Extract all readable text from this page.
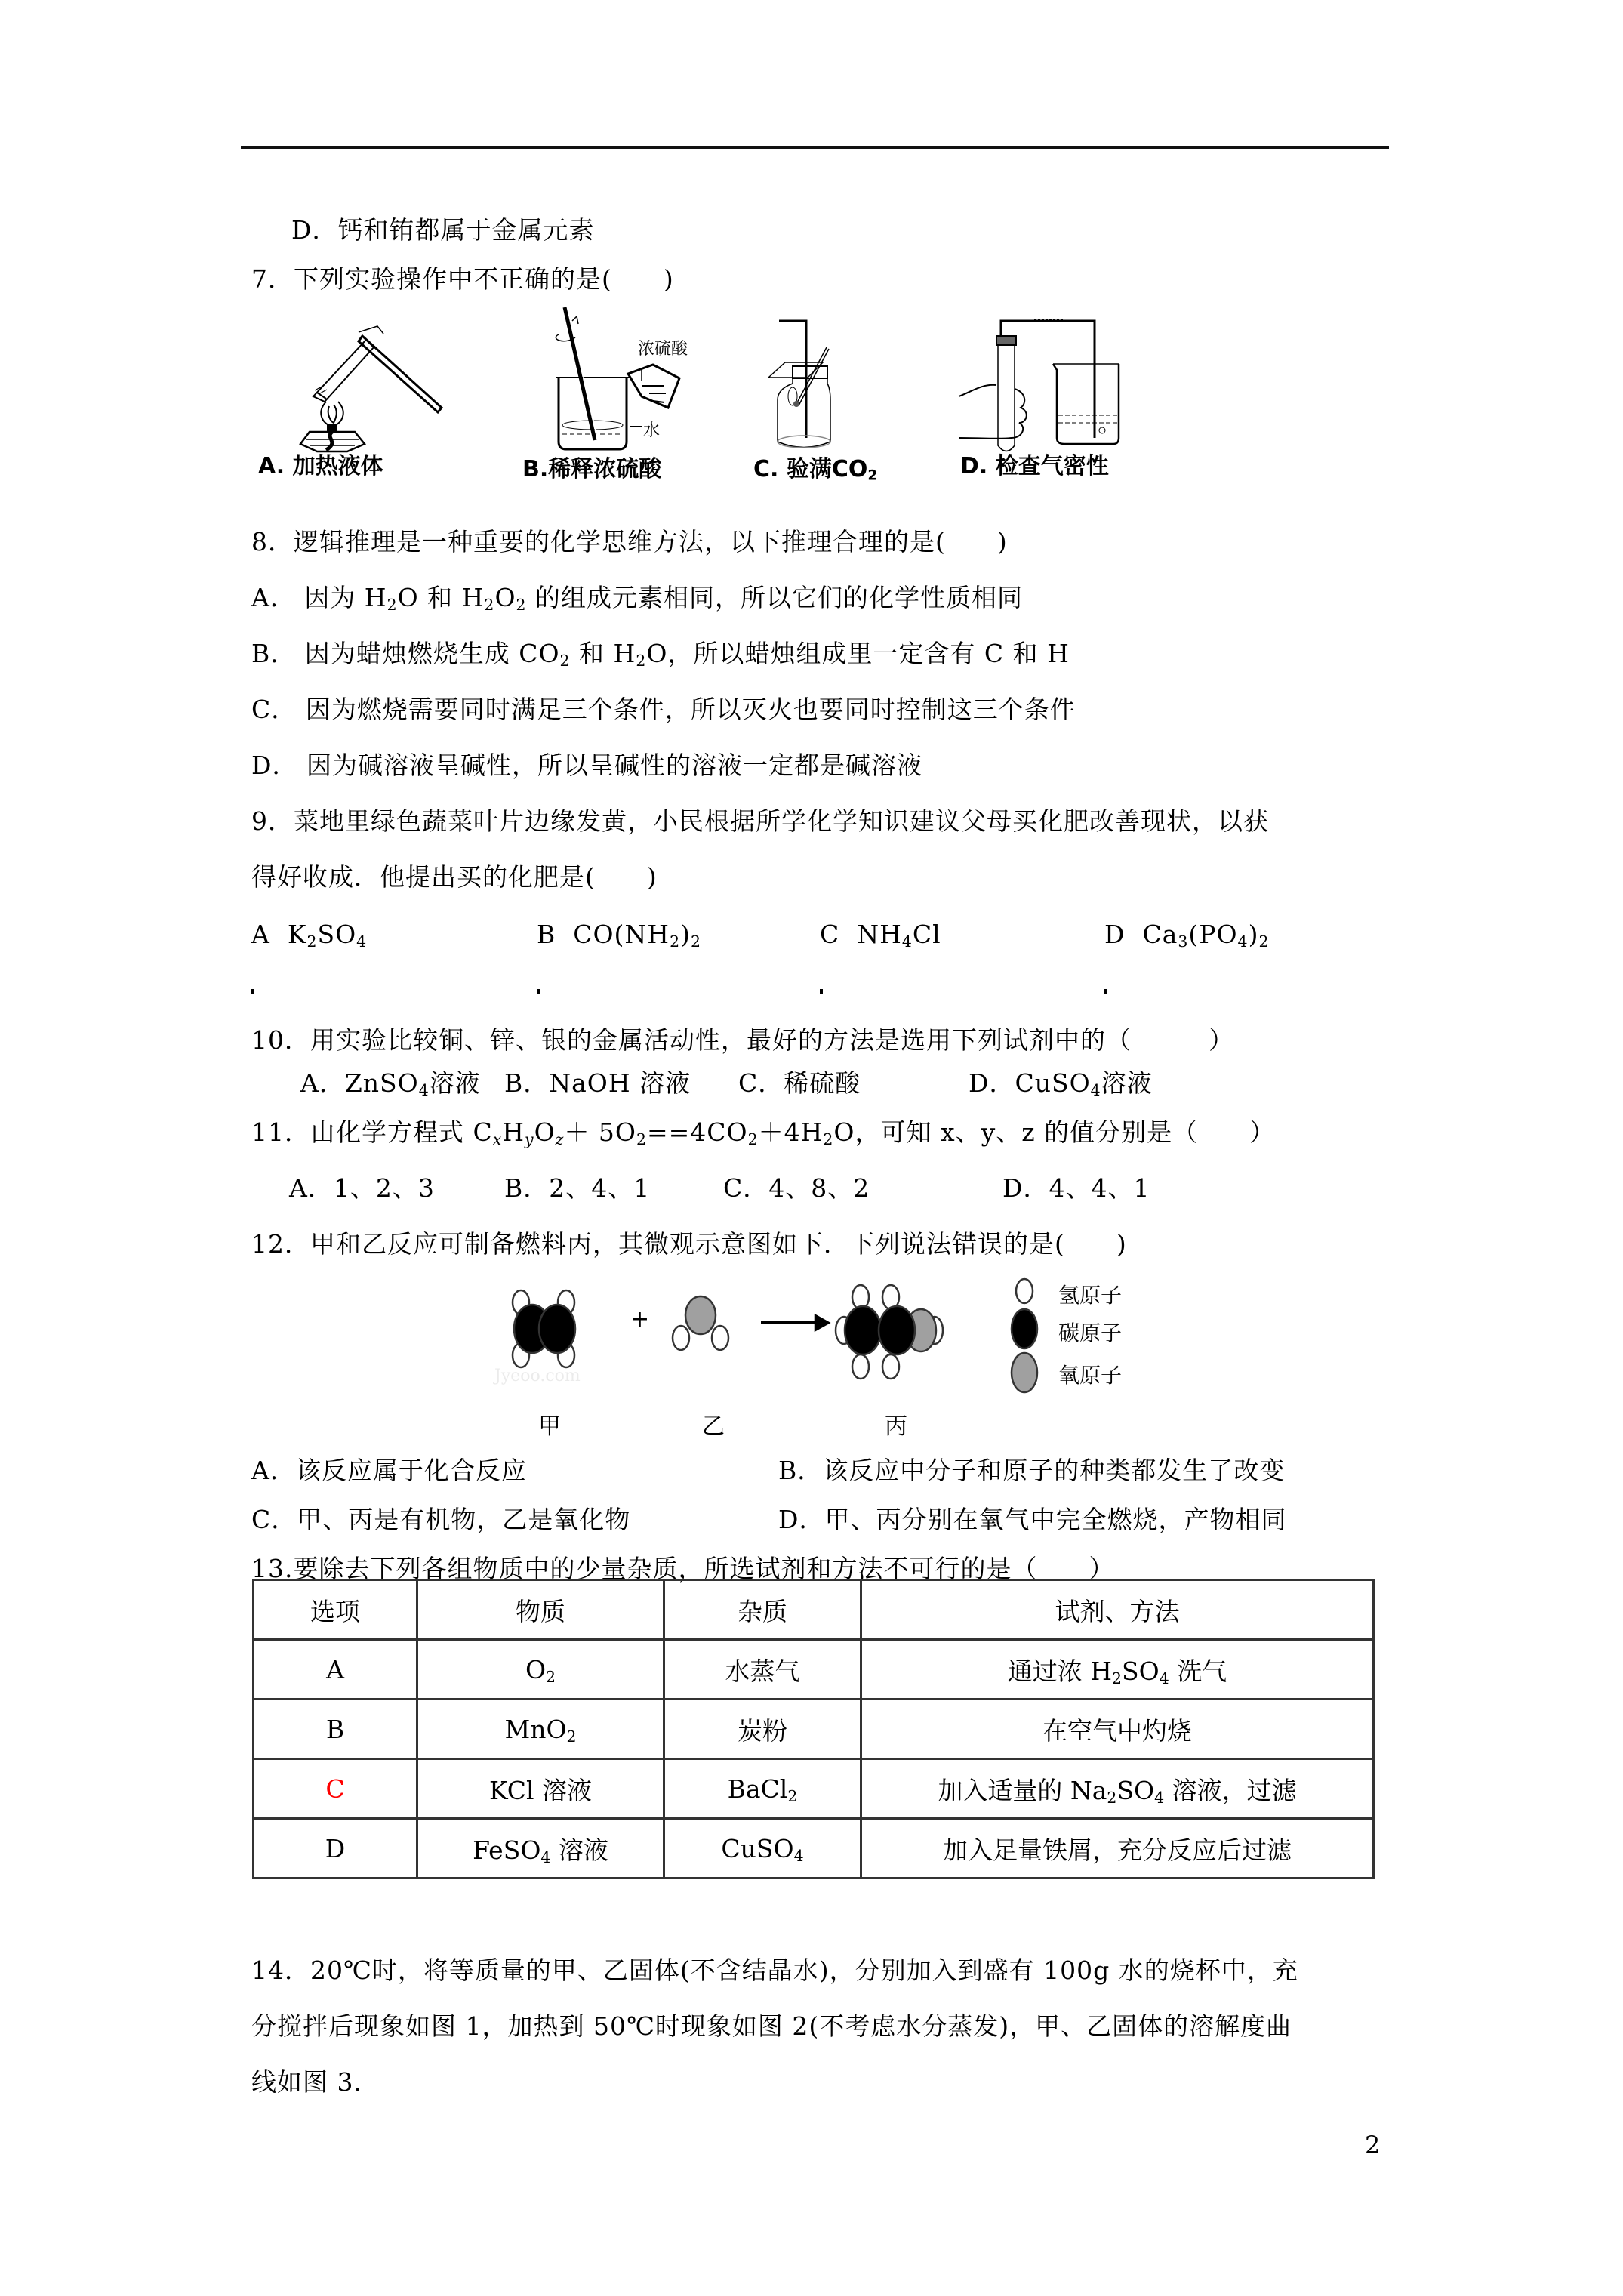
D．钙和铕都属于金属元素
7．下列实验操作中不正确的是(　　)
A. 加热液体
浓硫酸
水
B.稀释浓硫酸	C. 验满$CO_2$	D. 检查气密性
8．逻辑推理是一种重要的化学思维方法，以下推理合理的是(　　)
A． 因为 $H_2O$ 和 $H_2O_2$ 的组成元素相同，所以它们的化学性质相同
B． 因为蜡烛燃烧生成 $CO_2$ 和 $H_2O$，所以蜡烛组成里一定含有 C 和 H
C． 因为燃烧需要同时满足三个条件，所以灭火也要同时控制这三个条件
D． 因为碱溶液呈碱性，所以呈碱性的溶液一定都是碱溶液
9．菜地里绿色蔬菜叶片边缘发黄，小民根据所学化学知识建议父母买化肥改善现状，以获
得好收成．他提出买的化肥是(　　)
A $K_2SO_4$	B $CO(NH_2)_2$	C $NH_4Cl$	D $Ca_3(PO_4)_2$
10．用实验比较铜、锌、银的金属活动性，最好的方法是选用下列试剂中的（　　　）
A．ZnSO$_4$溶液 B．NaOH 溶液 C．稀硫酸	D．CuSO$_4$溶液
11．由化学方程式 $C_xH_yO_z+ 5O_2==4CO_2+4H_2O$，可知 x、y、z 的值分别是（　　）
A．1、2、3	B．2、4、1	C．4、8、2	D．4、4、1
12．甲和乙反应可制备燃料丙，其微观示意图如下．下列说法错误的是(　　)
+
Jyeoo.com
氢原子
碳原子
氧原子
甲	乙	丙
A．该反应属于化合反应	B．该反应中分子和原子的种类都发生了改变
C．甲、丙是有机物，乙是氧化物	D．甲、丙分别在氧气中完全燃烧，产物相同
13.要除去下列各组物质中的少量杂质，所选试剂和方法不可行的是（　　）
选项	物质	杂质	试剂、方法
A	$O_2$	水蒸气	通过浓 $H_2SO_4$ 洗气
B	MnO$_2$	炭粉	在空气中灼烧
C	KCl 溶液	BaCl$_2$	加入适量的 $Na_2SO_4$ 溶液，过滤
D	FeSO$_4$ 溶液	CuSO$_4$	加入足量铁屑，充分反应后过滤
14．20℃时，将等质量的甲、乙固体(不含结晶水)，分别加入到盛有 100g 水的烧杯中，充
分搅拌后现象如图 1，加热到 50℃时现象如图 2(不考虑水分蒸发)，甲、乙固体的溶解度曲
线如图 3.
2
